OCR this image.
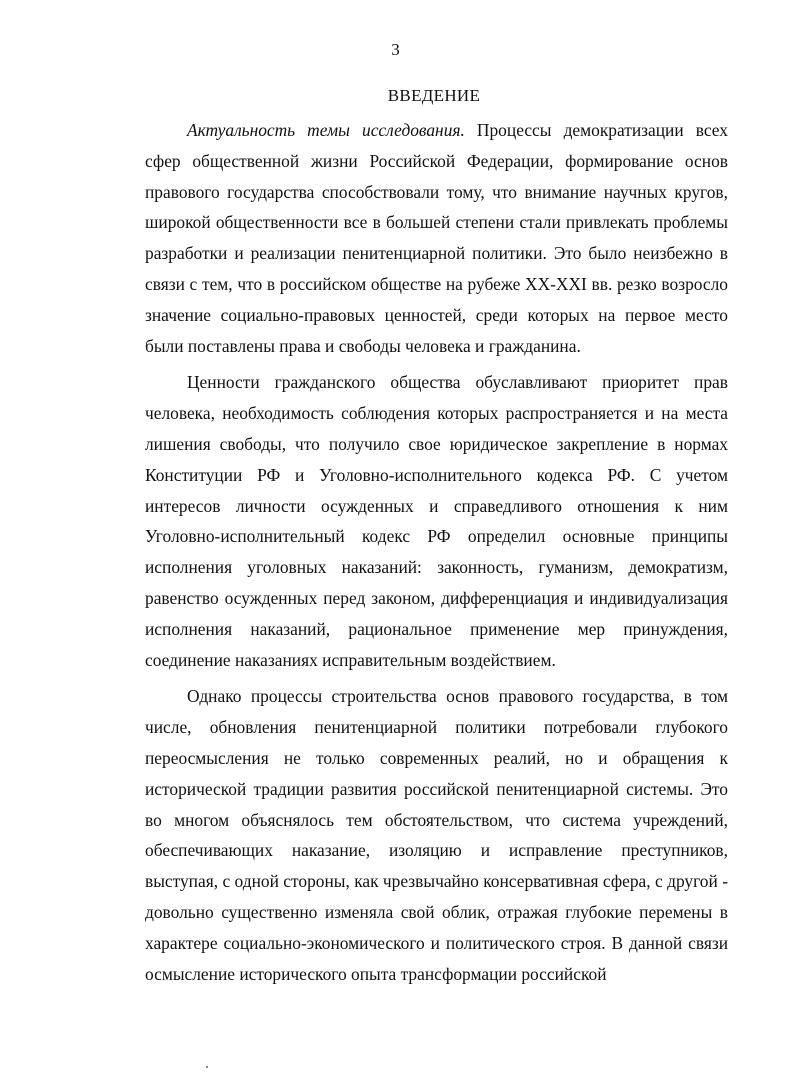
3
ВВЕДЕНИЕ

Актуальность темы исследования. Процессы демократизации всех сфер общественной жизни Российской Федерации, формирование основ правового государства способствовали тому, что внимание научных кругов, широкой общественности все в большей степени стали привлекать проблемы разработки и реализации пенитенциарной политики. Это было неизбежно в связи с тем, что в российском обществе на рубеже XX-XXI вв. резко возросло значение социально-правовых ценностей, среди которых на первое место были поставлены права и свободы человека и гражданина.

Ценности гражданского общества обуславливают приоритет прав человека, необходимость соблюдения которых распространяется и на места лишения свободы, что получило свое юридическое закрепление в нормах Конституции РФ и Уголовно-исполнительного кодекса РФ. С учетом интересов личности осужденных и справедливого отношения к ним Уголовно-исполнительный кодекс РФ определил основные принципы исполнения уголовных наказаний: законность, гуманизм, демократизм, равенство осужденных перед законом, дифференциация и индивидуализация исполнения наказаний, рациональное применение мер принуждения, соединение наказаниях исправительным воздействием.

Однако процессы строительства основ правового государства, в том числе, обновления пенитенциарной политики потребовали глубокого переосмысления не только современных реалий, но и обращения к исторической традиции развития российской пенитенциарной системы. Это во многом объяснялось тем обстоятельством, что система учреждений, обеспечивающих наказание, изоляцию и исправление преступников, выступая, с одной стороны, как чрезвычайно консервативная сфера, с другой - довольно существенно изменяла свой облик, отражая глубокие перемены в характере социально-экономического и политического строя. В данной связи осмысление исторического опыта трансформации российской
